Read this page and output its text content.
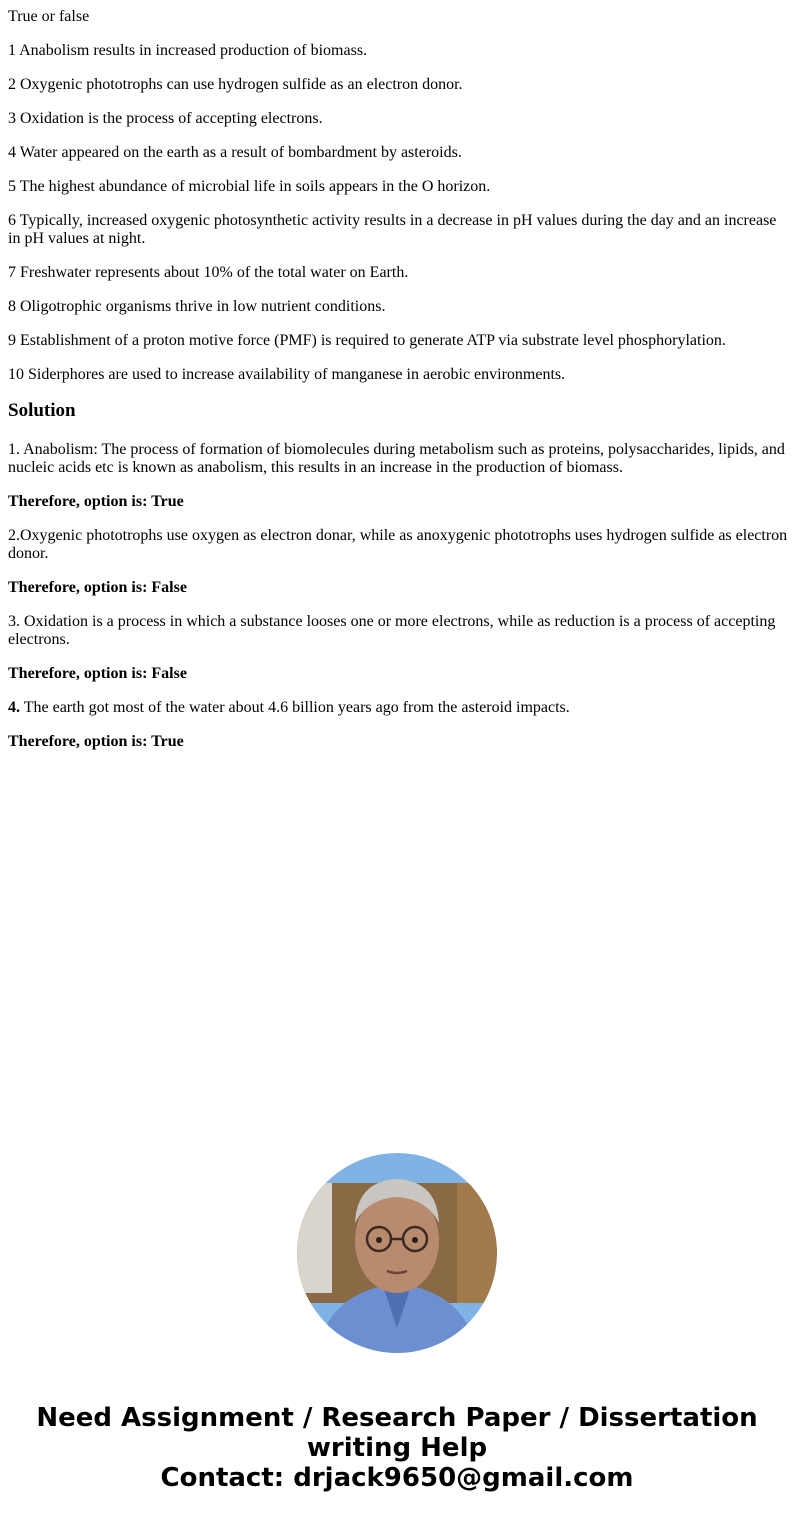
True or false

1 Anabolism results in increased production of biomass.

2 Oxygenic phototrophs can use hydrogen sulfide as an electron donor.

3 Oxidation is the process of accepting electrons.

4 Water appeared on the earth as a result of bombardment by asteroids.

5 The highest abundance of microbial life in soils appears in the O horizon.

6 Typically, increased oxygenic photosynthetic activity results in a decrease in pH values during the day and an increase in pH values at night.

7 Freshwater represents about 10% of the total water on Earth.

8 Oligotrophic organisms thrive in low nutrient conditions.

9 Establishment of a proton motive force (PMF) is required to generate ATP via substrate level phosphorylation.

10 Siderphores are used to increase availability of manganese in aerobic environments.

Solution

1. Anabolism: The process of formation of biomolecules during metabolism such as proteins, polysaccharides, lipids, and nucleic acids etc is known as anabolism, this results in an increase in the production of biomass.

Therefore, option is: True

2.Oxygenic phototrophs use oxygen as electron donar, while as anoxygenic phototrophs uses hydrogen sulfide as electron donor.

Therefore, option is: False

3. Oxidation is a process in which a substance looses one or more electrons, while as reduction is a process of accepting electrons.

Therefore, option is: False

4. The earth got most of the water about 4.6 billion years ago from the asteroid impacts.

Therefore, option is: True

Need Assignment / Research Paper / Dissertation
writing Help
Contact: drjack9650@gmail.com
